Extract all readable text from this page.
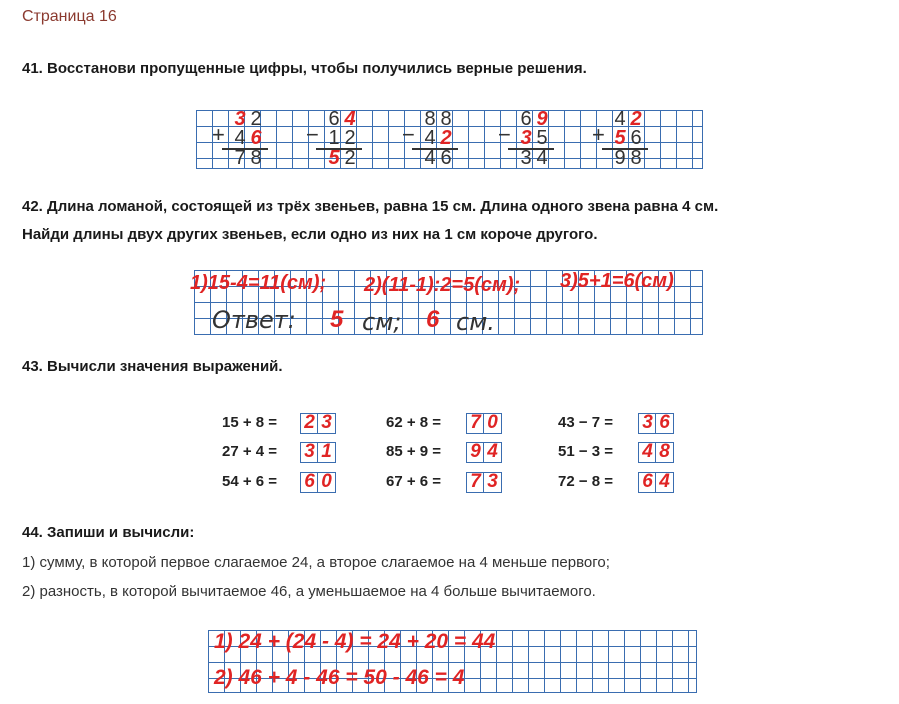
Страница 16
41. Восстанови пропущенные цифры, чтобы получились верные решения.
+
3 2
4 6
7 8
−
6 4
1 2
5 2
−
8 8
4 2
4 6
−
6 9
3 5
3 4
+
4 2
5 6
9 8
42. Длина ломаной, состоящей из трёх звеньев, равна 15 см. Длина одного звена равна 4 см.
Найди длины двух других звеньев, если одно из них на 1 см короче другого.
1)15-4=11(см); 2)(11-1):2=5(см); 3)5+1=6(см)
Ответ: 5 см; 6 см.
43. Вычисли значения выражений.
15 + 8 = 2 3
27 + 4 = 3 1
54 + 6 = 6 0
62 + 8 = 7 0
85 + 9 = 9 4
67 + 6 = 7 3
43 − 7 = 3 6
51 − 3 = 4 8
72 − 8 = 6 4
44. Запиши и вычисли:
1) сумму, в которой первое слагаемое 24, а второе слагаемое на 4 меньше первого;
2) разность, в которой вычитаемое 46, а уменьшаемое на 4 больше вычитаемого.
1) 24 + (24 - 4) = 24 + 20 = 44
2) 46 + 4 - 46 = 50 - 46 = 4
